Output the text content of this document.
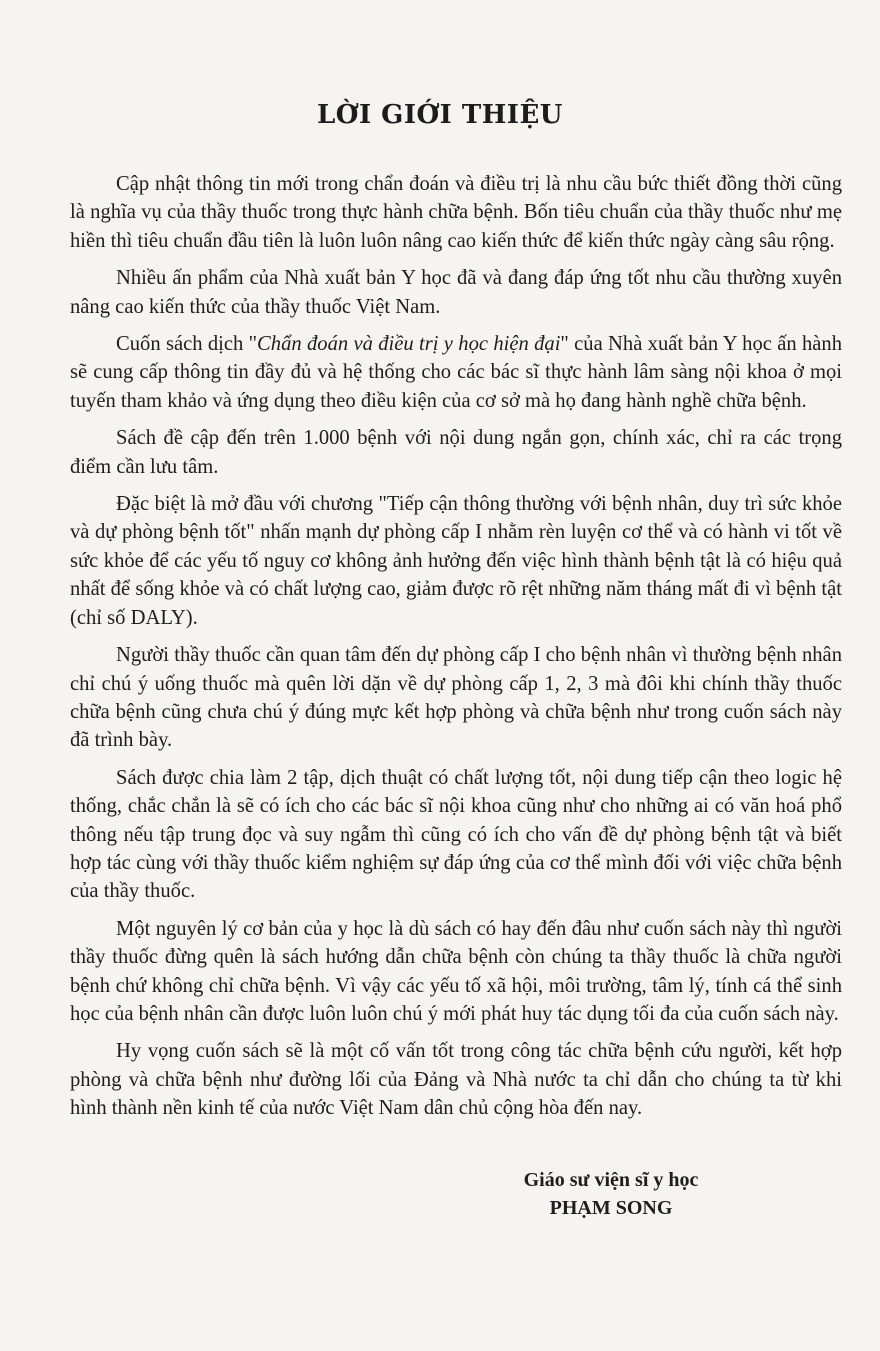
LỜI GIỚI THIỆU

Cập nhật thông tin mới trong chẩn đoán và điều trị là nhu cầu bức thiết đồng thời cũng là nghĩa vụ của thầy thuốc trong thực hành chữa bệnh. Bốn tiêu chuẩn của thầy thuốc như mẹ hiền thì tiêu chuẩn đầu tiên là luôn luôn nâng cao kiến thức để kiến thức ngày càng sâu rộng.

Nhiều ấn phẩm của Nhà xuất bản Y học đã và đang đáp ứng tốt nhu cầu thường xuyên nâng cao kiến thức của thầy thuốc Việt Nam.

Cuốn sách dịch "Chẩn đoán và điều trị y học hiện đại" của Nhà xuất bản Y học ấn hành sẽ cung cấp thông tin đầy đủ và hệ thống cho các bác sĩ thực hành lâm sàng nội khoa ở mọi tuyến tham khảo và ứng dụng theo điều kiện của cơ sở mà họ đang hành nghề chữa bệnh.

Sách đề cập đến trên 1.000 bệnh với nội dung ngắn gọn, chính xác, chỉ ra các trọng điểm cần lưu tâm.

Đặc biệt là mở đầu với chương "Tiếp cận thông thường với bệnh nhân, duy trì sức khỏe và dự phòng bệnh tốt" nhấn mạnh dự phòng cấp I nhằm rèn luyện cơ thể và có hành vi tốt về sức khỏe để các yếu tố nguy cơ không ảnh hưởng đến việc hình thành bệnh tật là có hiệu quả nhất để sống khỏe và có chất lượng cao, giảm được rõ rệt những năm tháng mất đi vì bệnh tật (chỉ số DALY).

Người thầy thuốc cần quan tâm đến dự phòng cấp I cho bệnh nhân vì thường bệnh nhân chỉ chú ý uống thuốc mà quên lời dặn về dự phòng cấp 1, 2, 3 mà đôi khi chính thầy thuốc chữa bệnh cũng chưa chú ý đúng mực kết hợp phòng và chữa bệnh như trong cuốn sách này đã trình bày.

Sách được chia làm 2 tập, dịch thuật có chất lượng tốt, nội dung tiếp cận theo logic hệ thống, chắc chắn là sẽ có ích cho các bác sĩ nội khoa cũng như cho những ai có văn hoá phổ thông nếu tập trung đọc và suy ngẫm thì cũng có ích cho vấn đề dự phòng bệnh tật và biết hợp tác cùng với thầy thuốc kiểm nghiệm sự đáp ứng của cơ thể mình đối với việc chữa bệnh của thầy thuốc.

Một nguyên lý cơ bản của y học là dù sách có hay đến đâu như cuốn sách này thì người thầy thuốc đừng quên là sách hướng dẫn chữa bệnh còn chúng ta thầy thuốc là chữa người bệnh chứ không chỉ chữa bệnh. Vì vậy các yếu tố xã hội, môi trường, tâm lý, tính cá thể sinh học của bệnh nhân cần được luôn luôn chú ý mới phát huy tác dụng tối đa của cuốn sách này.

Hy vọng cuốn sách sẽ là một cố vấn tốt trong công tác chữa bệnh cứu người, kết hợp phòng và chữa bệnh như đường lối của Đảng và Nhà nước ta chỉ dẫn cho chúng ta từ khi hình thành nền kinh tế của nước Việt Nam dân chủ cộng hòa đến nay.

Giáo sư viện sĩ y học
PHẠM SONG
